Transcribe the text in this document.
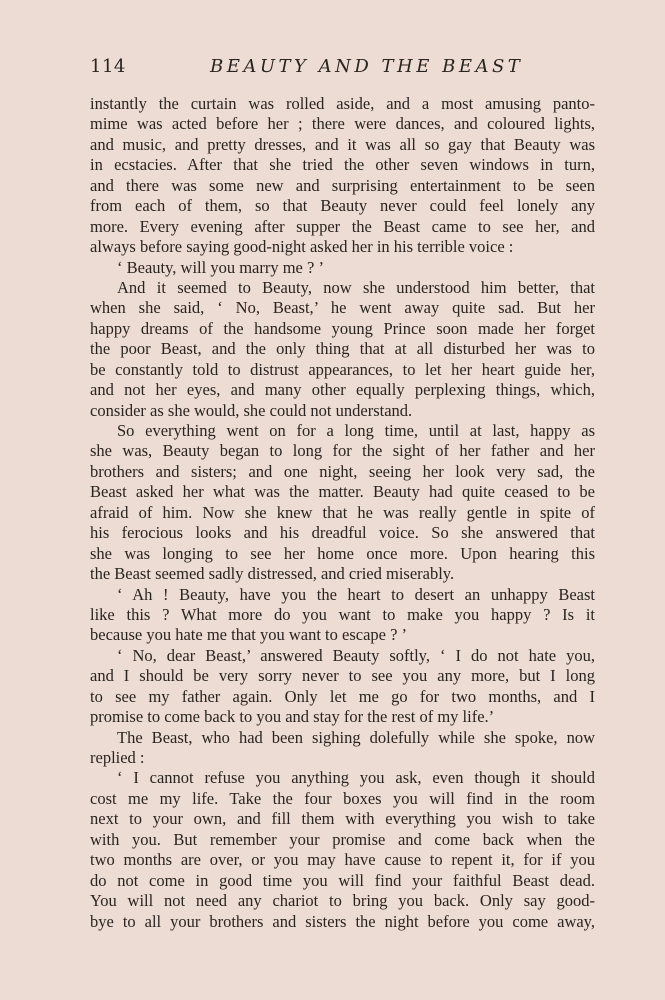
114	BEAUTY AND THE BEAST
instantly the curtain was rolled aside, and a most amusing panto-
mime was acted before her ; there were dances, and coloured lights,
and music, and pretty dresses, and it was all so gay that Beauty was
in ecstacies. After that she tried the other seven windows in turn,
and there was some new and surprising entertainment to be seen
from each of them, so that Beauty never could feel lonely any
more. Every evening after supper the Beast came to see her, and
always before saying good-night asked her in his terrible voice :
‘ Beauty, will you marry me ? ’
And it seemed to Beauty, now she understood him better, that
when she said, ‘ No, Beast,’ he went away quite sad. But her
happy dreams of the handsome young Prince soon made her forget
the poor Beast, and the only thing that at all disturbed her was to
be constantly told to distrust appearances, to let her heart guide her,
and not her eyes, and many other equally perplexing things, which,
consider as she would, she could not understand.
So everything went on for a long time, until at last, happy as
she was, Beauty began to long for the sight of her father and her
brothers and sisters; and one night, seeing her look very sad, the
Beast asked her what was the matter. Beauty had quite ceased to be
afraid of him. Now she knew that he was really gentle in spite of
his ferocious looks and his dreadful voice. So she answered that
she was longing to see her home once more. Upon hearing this
the Beast seemed sadly distressed, and cried miserably.
‘ Ah ! Beauty, have you the heart to desert an unhappy Beast
like this ? What more do you want to make you happy ? Is it
because you hate me that you want to escape ? ’
‘ No, dear Beast,’ answered Beauty softly, ‘ I do not hate you,
and I should be very sorry never to see you any more, but I long
to see my father again. Only let me go for two months, and I
promise to come back to you and stay for the rest of my life.’
The Beast, who had been sighing dolefully while she spoke, now
replied :
‘ I cannot refuse you anything you ask, even though it should
cost me my life. Take the four boxes you will find in the room
next to your own, and fill them with everything you wish to take
with you. But remember your promise and come back when the
two months are over, or you may have cause to repent it, for if you
do not come in good time you will find your faithful Beast dead.
You will not need any chariot to bring you back. Only say good-
bye to all your brothers and sisters the night before you come away,
